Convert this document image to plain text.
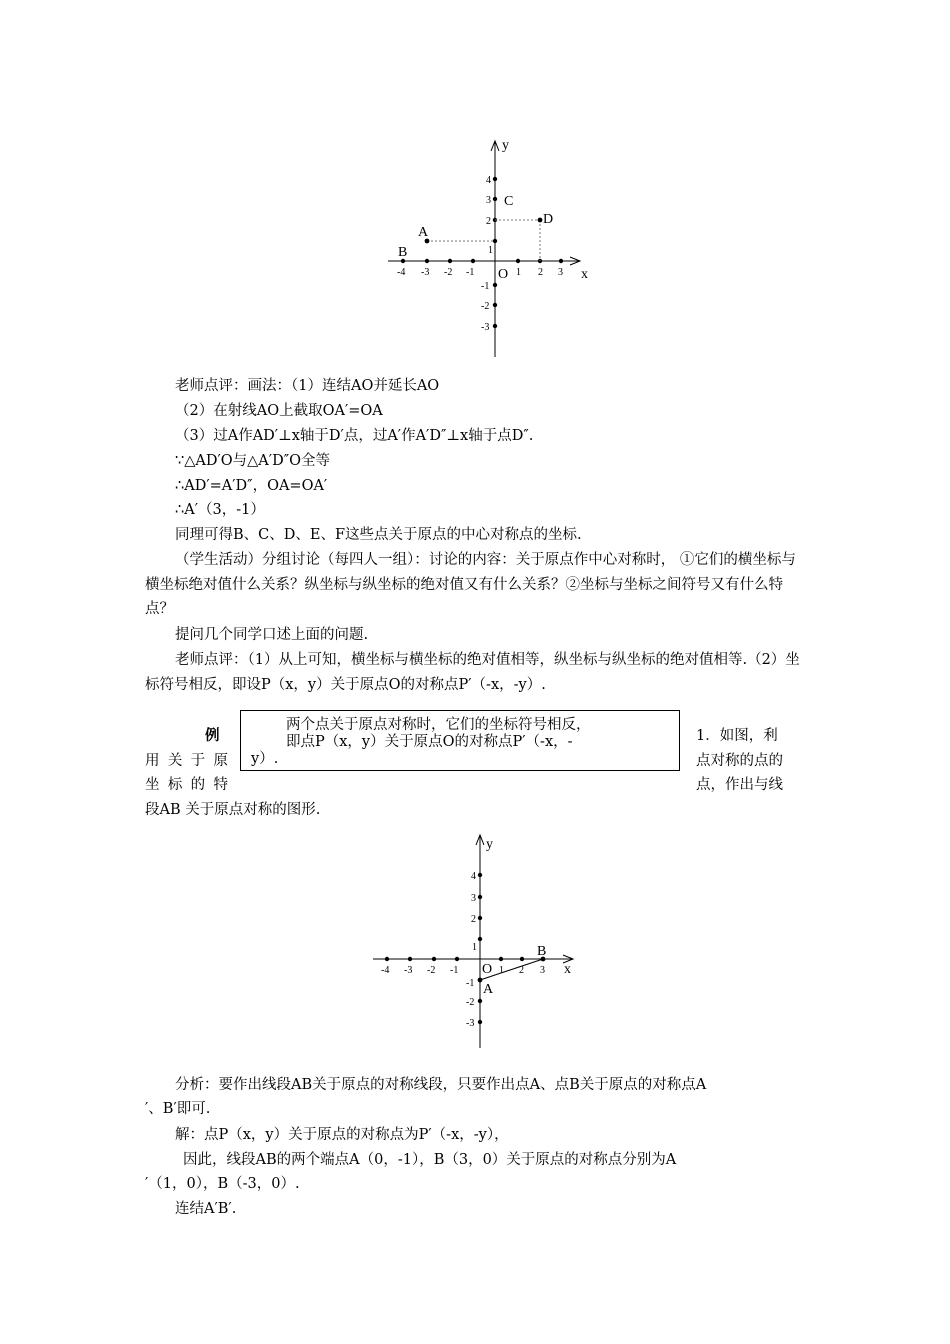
x
y
O
-4 -3 -2 -1	1 2 3
4
3
2
1
-1
-2
-3
A
B
C
D
老师点评：画法：（1）连结AO并延长AO
（2）在射线AO上截取OA′=OA
（3）过A作AD′⊥x轴于D′点，过A′作A′D″⊥x轴于点D″.
∵△AD′O与△A′D″O全等
∴AD′=A′D″，OA=OA′
∴A′（3，-1）
同理可得B、C、D、E、F这些点关于原点的中心对称点的坐标.

（学生活动）分组讨论（每四人一组）：讨论的内容：关于原点作中心对称时， ①它们的横坐标与横坐标绝对值什么关系？纵坐标与纵坐标的绝对值又有什么关系？②坐标与坐标之间符号又有什么特点？

提问几个同学口述上面的问题.

老师点评：（1）从上可知，横坐标与横坐标的绝对值相等，纵坐标与纵坐标的绝对值相等.（2）坐标符号相反，即设P（x，y）关于原点O的对称点P′（-x，-y）.

两个点关于原点对称时，它们的坐标符号相反，
即点P（x，y）关于原点O的对称点P′（-x，-
y）.
例	1．如图，利
用 关 于 原	点对称的点的
坐 标 的 特	点，作出与线
段AB 关于原点对称的图形.
x
y
O
-4 -3 -2 -1	1 2 3
4
3
2
1
-1
-2
-3
A
B
分析：要作出线段AB关于原点的对称线段，只要作出点A、点B关于原点的对称点A
′、B′即可.
解：点P（x，y）关于原点的对称点为P′（-x，-y），
因此，线段AB的两个端点A（0，-1），B（3，0）关于原点的对称点分别为A
′（1，0），B（-3，0）.
连结A′B′.
